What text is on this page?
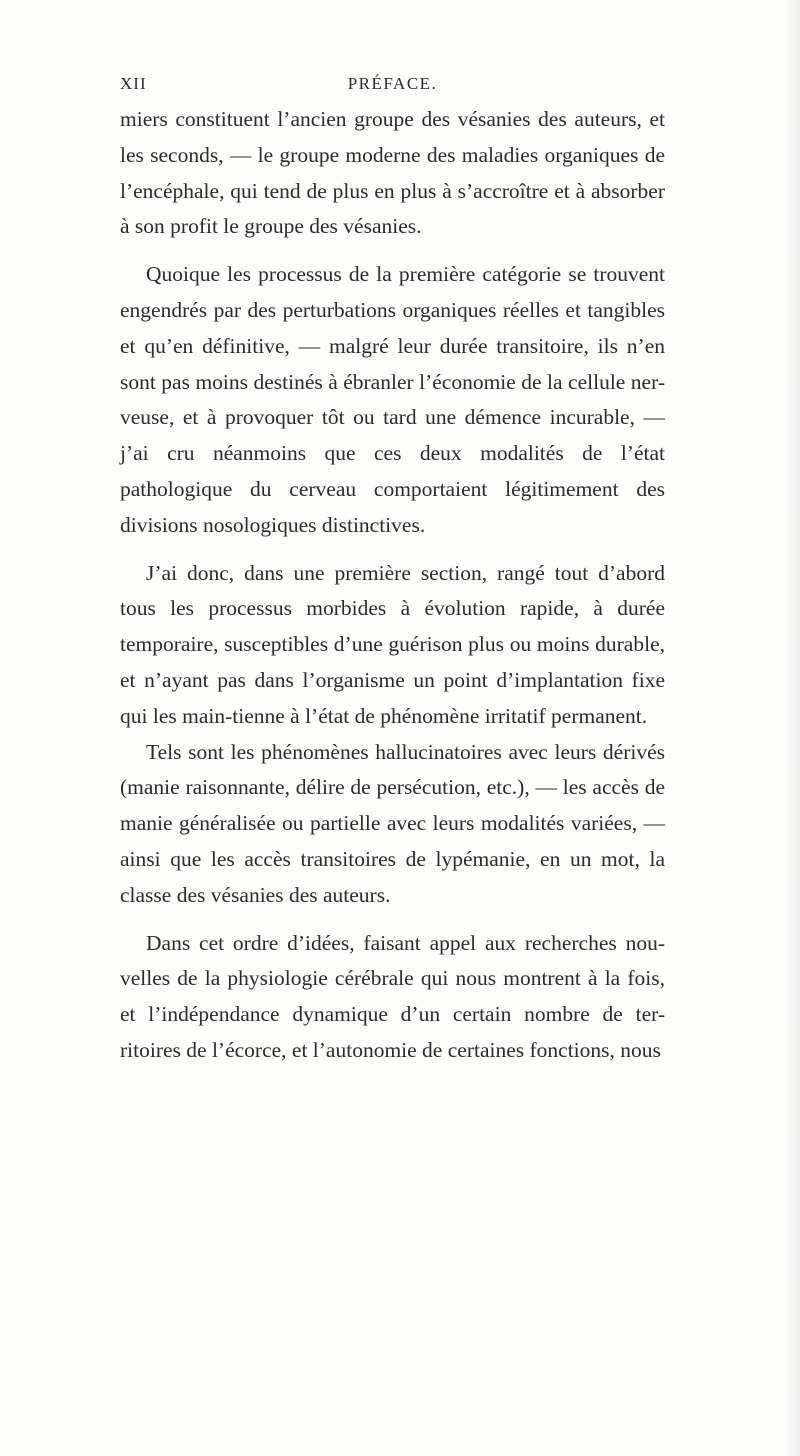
XII	PRÉFACE.

miers constituent l’ancien groupe des vésanies des auteurs, et les seconds, — le groupe moderne des maladies organiques de l’encéphale, qui tend de plus en plus à s’accroître et à absorber à son profit le groupe des vésanies.

Quoique les processus de la première catégorie se trouvent engendrés par des perturbations organiques réelles et tangibles et qu’en définitive, — malgré leur durée transitoire, ils n’en sont pas moins destinés à ébranler l’économie de la cellule ner-veuse, et à provoquer tôt ou tard une démence incurable, — j’ai cru néanmoins que ces deux modalités de l’état pathologique du cerveau comportaient légitimement des divisions nosologiques distinctives.

J’ai donc, dans une première section, rangé tout d’abord tous les processus morbides à évolution rapide, à durée temporaire, susceptibles d’une guérison plus ou moins durable, et n’ayant pas dans l’organisme un point d’implantation fixe qui les main-tienne à l’état de phénomène irritatif permanent.

Tels sont les phénomènes hallucinatoires avec leurs dérivés (manie raisonnante, délire de persécution, etc.), — les accès de manie généralisée ou partielle avec leurs modalités variées, — ainsi que les accès transitoires de lypémanie, en un mot, la classe des vésanies des auteurs.

Dans cet ordre d’idées, faisant appel aux recherches nou-velles de la physiologie cérébrale qui nous montrent à la fois, et l’indépendance dynamique d’un certain nombre de ter-ritoires de l’écorce, et l’autonomie de certaines fonctions, nous
